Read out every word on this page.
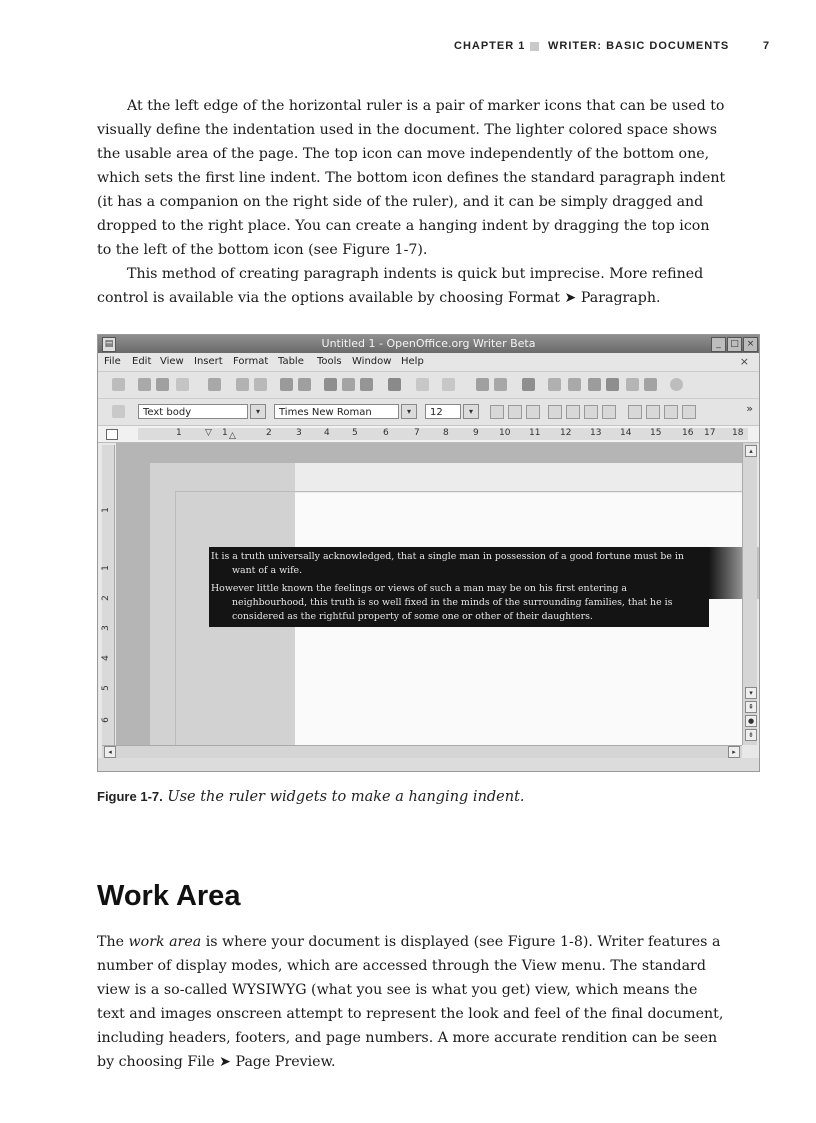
CHAPTER 1 WRITER: BASIC DOCUMENTS	7

At the left edge of the horizontal ruler is a pair of marker icons that can be used to visually define the indentation used in the document. The lighter colored space shows the usable area of the page. The top icon can move independently of the bottom one, which sets the first line indent. The bottom icon defines the standard paragraph indent (it has a companion on the right side of the ruler), and it can be simply dragged and dropped to the right place. You can create a hanging indent by dragging the top icon to the left of the bottom icon (see Figure 1-7).

This method of creating paragraph indents is quick but imprecise. More refined control is available via the options available by choosing Format ➤ Paragraph.

▤	Untitled 1 - OpenOffice.org Writer Beta	_	□ ×
File Edit View Insert Format Table Tools Window Help	×
Text body	▾	Times New Roman	▾	12	▾	»
1	▽ 1 △	2	3 4 5	6	7	8	9 10 11 12 13 14 15 16 17 18
1
1
2
3
4
5
6
It is a truth universally acknowledged, that a single man in possession of a good fortune must be in
want of a wife.
However little known the feelings or views of such a man may be on his first entering a
neighbourhood, this truth is so well fixed in the minds of the surrounding families, that he is
considered as the rightful property of some one or other of their daughters.
▴
▾
⇞
●
⇟
◂	▸
Figure 1-7. Use the ruler widgets to make a hanging indent.
Work Area

The work area is where your document is displayed (see Figure 1-8). Writer features a number of display modes, which are accessed through the View menu. The standard view is a so-called WYSIWYG (what you see is what you get) view, which means the text and images onscreen attempt to represent the look and feel of the final document, including headers, footers, and page numbers. A more accurate rendition can be seen by choosing File ➤ Page Preview.
